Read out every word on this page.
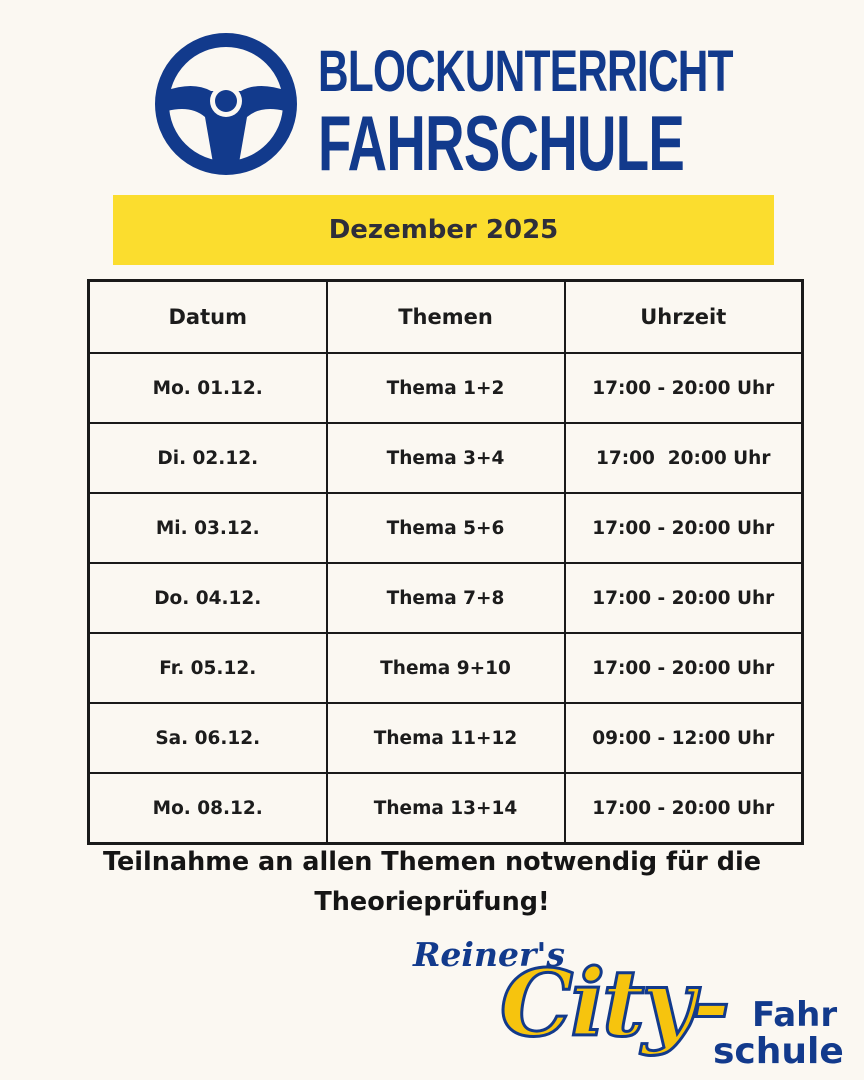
BLOCKUNTERRICHT
FAHRSCHULE
Dezember 2025
Datum	Themen	Uhrzeit
Mo. 01.12.	Thema 1+2	17:00 - 20:00 Uhr
Di. 02.12.	Thema 3+4	17:00  20:00 Uhr
Mi. 03.12.	Thema 5+6	17:00 - 20:00 Uhr
Do. 04.12.	Thema 7+8	17:00 - 20:00 Uhr
Fr. 05.12.	Thema 9+10	17:00 - 20:00 Uhr
Sa. 06.12.	Thema 11+12	09:00 - 12:00 Uhr
Mo. 08.12.	Thema 13+14	17:00 - 20:00 Uhr
Teilnahme an allen Themen notwendig für die
Theorieprüfung!
Reiner's
City- Fahr
schule
